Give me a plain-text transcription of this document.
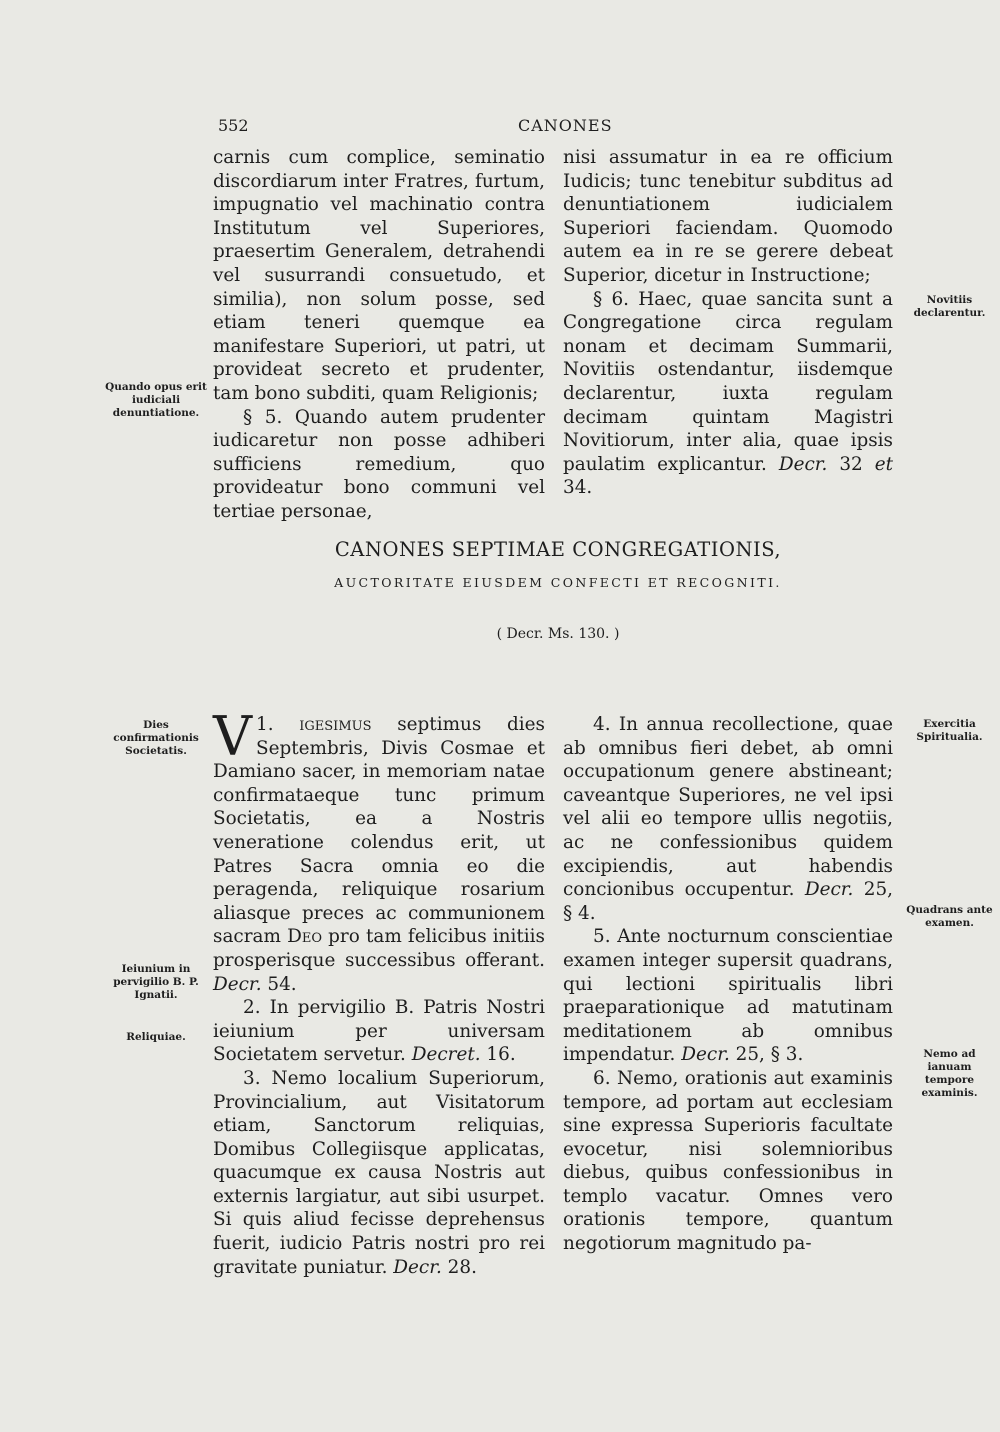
552	CANONES

carnis cum complice, seminatio discordiarum inter Fratres, furtum, impugnatio vel machinatio contra Institutum vel Superiores, praesertim Generalem, detrahendi vel susurrandi consuetudo, et similia), non solum posse, sed etiam teneri quemque ea manifestare Superiori, ut patri, ut provideat secreto et prudenter, tam bono subditi, quam Religionis;

§ 5. Quando autem prudenter iudicaretur non posse adhiberi sufficiens remedium, quo provideatur bono communi vel tertiae personae,

nisi assumatur in ea re officium Iudicis; tunc tenebitur subditus ad denuntiationem iudicialem Superiori faciendam. Quomodo autem ea in re se gerere debeat Superior, dicetur in Instructione;

§ 6. Haec, quae sancita sunt a Congregatione circa regulam nonam et decimam Summarii, Novitiis ostendantur, iisdemque declarentur, iuxta regulam decimam quintam Magistri Novitiorum, inter alia, quae ipsis paulatim explicantur. Decr. 32 et 34.

CANONES SEPTIMAE CONGREGATIONIS,
AUCTORITATE EIUSDEM CONFECTI ET RECOGNITI.
( Decr. Ms. 130. )

1.
V	igesimus septimus dies Septembris, Divis Cosmae et Damiano sacer, in memoriam natae confirmataeque tunc primum Societatis, ea a Nostris veneratione colendus erit, ut Patres Sacra omnia eo die peragenda, reliquique rosarium aliasque preces ac communionem sacram Deo pro tam felicibus initiis prosperisque successibus offerant. Decr. 54.

2. In pervigilio B. Patris Nostri ieiunium per universam Societatem servetur. Decret. 16.

3. Nemo localium Superiorum, Provincialium, aut Visitatorum etiam, Sanctorum reliquias, Domibus Collegiisque applicatas, quacumque ex causa Nostris aut externis largiatur, aut sibi usurpet. Si quis aliud fecisse deprehensus fuerit, iudicio Patris nostri pro rei gravitate puniatur. Decr. 28.

4. In annua recollectione, quae ab omnibus fieri debet, ab omni occupationum genere abstineant; caveantque Superiores, ne vel ipsi vel alii eo tempore ullis negotiis, ac ne confessionibus quidem excipiendis, aut habendis concionibus occupentur. Decr. 25, § 4.

5. Ante nocturnum conscientiae examen integer supersit quadrans, qui lectioni spiritualis libri praeparationique ad matutinam meditationem ab omnibus impendatur. Decr. 25, § 3.

6. Nemo, orationis aut examinis tempore, ad portam aut ecclesiam sine expressa Superioris facultate evocetur, nisi solemnioribus diebus, quibus confessionibus in templo vacatur. Omnes vero orationis tempore, quantum negotiorum magnitudo pa-

Quando opus erit iudiciali denuntiatione.
Novitiis declarentur.
Dies confirmationis Societatis.
Ieiunium in pervigilio B. P. Ignatii.
Reliquiae.
Exercitia Spiritualia.
Quadrans ante examen.
Nemo ad ianuam tempore examinis.
